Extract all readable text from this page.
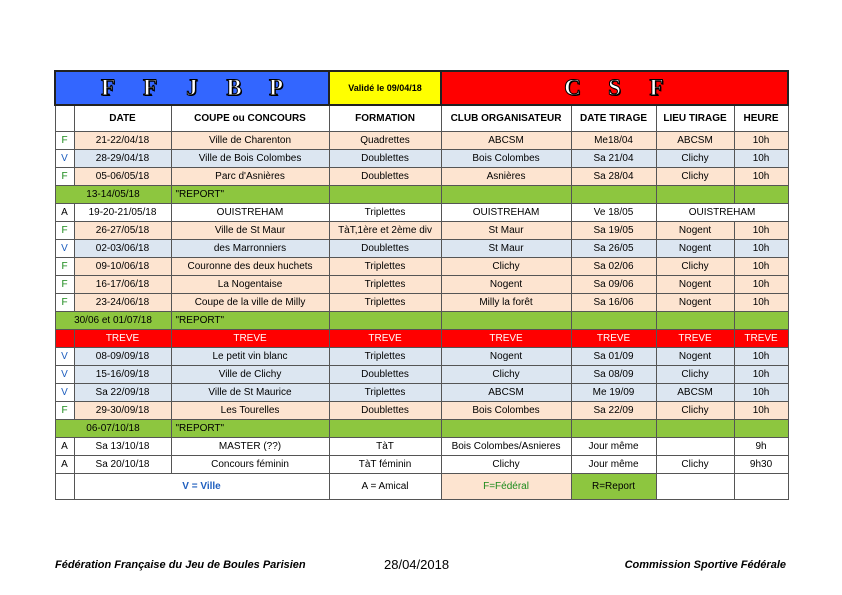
F F J B P			Validé le 09/04/18	C S F			
	DATE	COUPE ou CONCOURS	FORMATION	CLUB ORGANISATEUR	DATE TIRAGE	LIEU TIRAGE	HEURE
F	21-22/04/18	Ville de Charenton	Quadrettes	ABCSM	Me18/04	ABCSM	10h
V	28-29/04/18	Ville de Bois Colombes	Doublettes	Bois Colombes	Sa 21/04	Clichy	10h
F	05-06/05/18	Parc d'Asnières	Doublettes	Asnières	Sa 28/04	Clichy	10h
13-14/05/18		"REPORT"					
A	19-20-21/05/18	OUISTREHAM	Triplettes	OUISTREHAM	Ve 18/05	OUISTREHAM	
F	26-27/05/18	Ville de St Maur	TàT,1ère et 2ème div	St Maur	Sa 19/05	Nogent	10h
V	02-03/06/18	des Marronniers	Doublettes	St Maur	Sa 26/05	Nogent	10h
F	09-10/06/18	Couronne des deux huchets	Triplettes	Clichy	Sa 02/06	Clichy	10h
F	16-17/06/18	La Nogentaise	Triplettes	Nogent	Sa 09/06	Nogent	10h
F	23-24/06/18	Coupe de la ville de Milly	Triplettes	Milly la forêt	Sa 16/06	Nogent	10h
30/06 et 01/07/18		"REPORT"					
	TREVE	TREVE	TREVE	TREVE	TREVE	TREVE	TREVE
V	08-09/09/18	Le petit vin blanc	Triplettes	Nogent	Sa 01/09	Nogent	10h
V	15-16/09/18	Ville de Clichy	Doublettes	Clichy	Sa 08/09	Clichy	10h
V	Sa 22/09/18	Ville de St Maurice	Triplettes	ABCSM	Me 19/09	ABCSM	10h
F	29-30/09/18	Les Tourelles	Doublettes	Bois Colombes	Sa 22/09	Clichy	10h
06-07/10/18		"REPORT"					
A	Sa 13/10/18	MASTER (??)	TàT	Bois Colombes/Asnieres	Jour même		9h
A	Sa 20/10/18	Concours féminin	TàT féminin	Clichy	Jour même	Clichy	9h30
	V = Ville		A = Amical	F=Fédéral	R=Report		
Fédération Française du Jeu de Boules Parisien	28/04/2018	Commission Sportive Fédérale
